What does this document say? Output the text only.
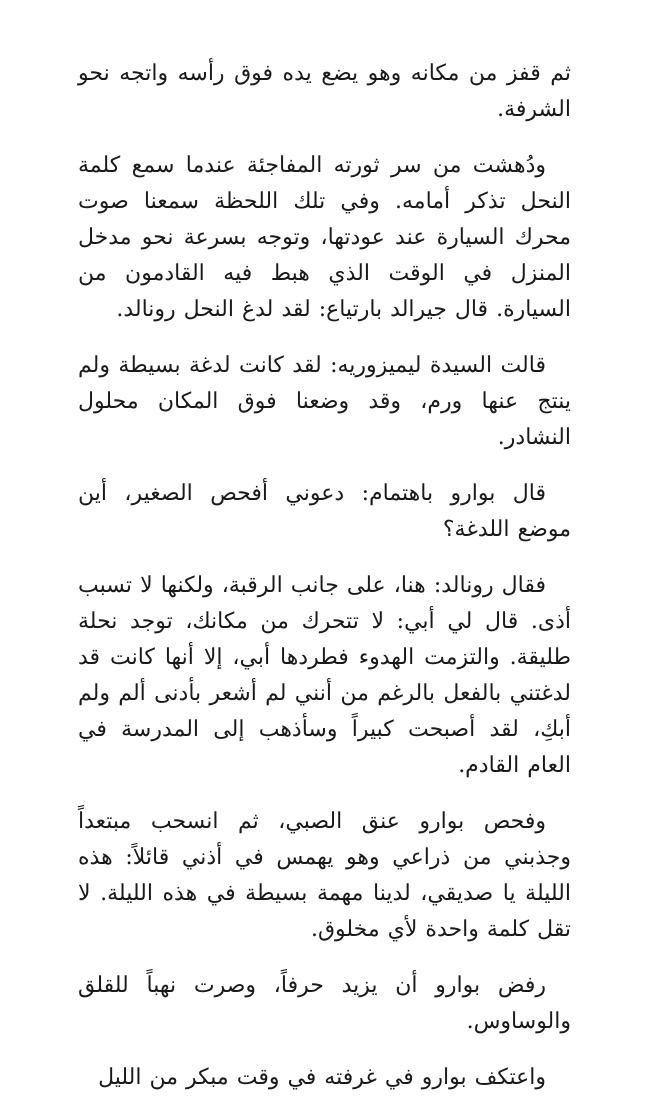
ثم قفز من مكانه وهو يضع يده فوق رأسه واتجه نحو الشرفة.

ودُهشت من سر ثورته المفاجئة عندما سمع كلمة النحل تذكر أمامه. وفي تلك اللحظة سمعنا صوت محرك السيارة عند عودتها، وتوجه بسرعة نحو مدخل المنزل في الوقت الذي هبط فيه القادمون من السيارة. قال جيرالد بارتياع: لقد لدغ النحل رونالد.

قالت السيدة ليميزوريه: لقد كانت لدغة بسيطة ولم ينتج عنها ورم، وقد وضعنا فوق المكان محلول النشادر.

قال بوارو باهتمام: دعوني أفحص الصغير، أين موضع اللدغة؟

فقال رونالد: هنا، على جانب الرقبة، ولكنها لا تسبب أذى. قال لي أبي: لا تتحرك من مكانك، توجد نحلة طليقة. والتزمت الهدوء فطردها أبي، إلا أنها كانت قد لدغتني بالفعل بالرغم من أنني لم أشعر بأدنى ألم ولم أبكِ، لقد أصبحت كبيراً وسأذهب إلى المدرسة في العام القادم.

وفحص بوارو عنق الصبي، ثم انسحب مبتعداً وجذبني من ذراعي وهو يهمس في أذني قائلاً: هذه الليلة يا صديقي، لدينا مهمة بسيطة في هذه الليلة. لا تقل كلمة واحدة لأي مخلوق.

رفض بوارو أن يزيد حرفاً، وصرت نهباً للقلق والوساوس.

واعتكف بوارو في غرفته في وقت مبكر من الليل
